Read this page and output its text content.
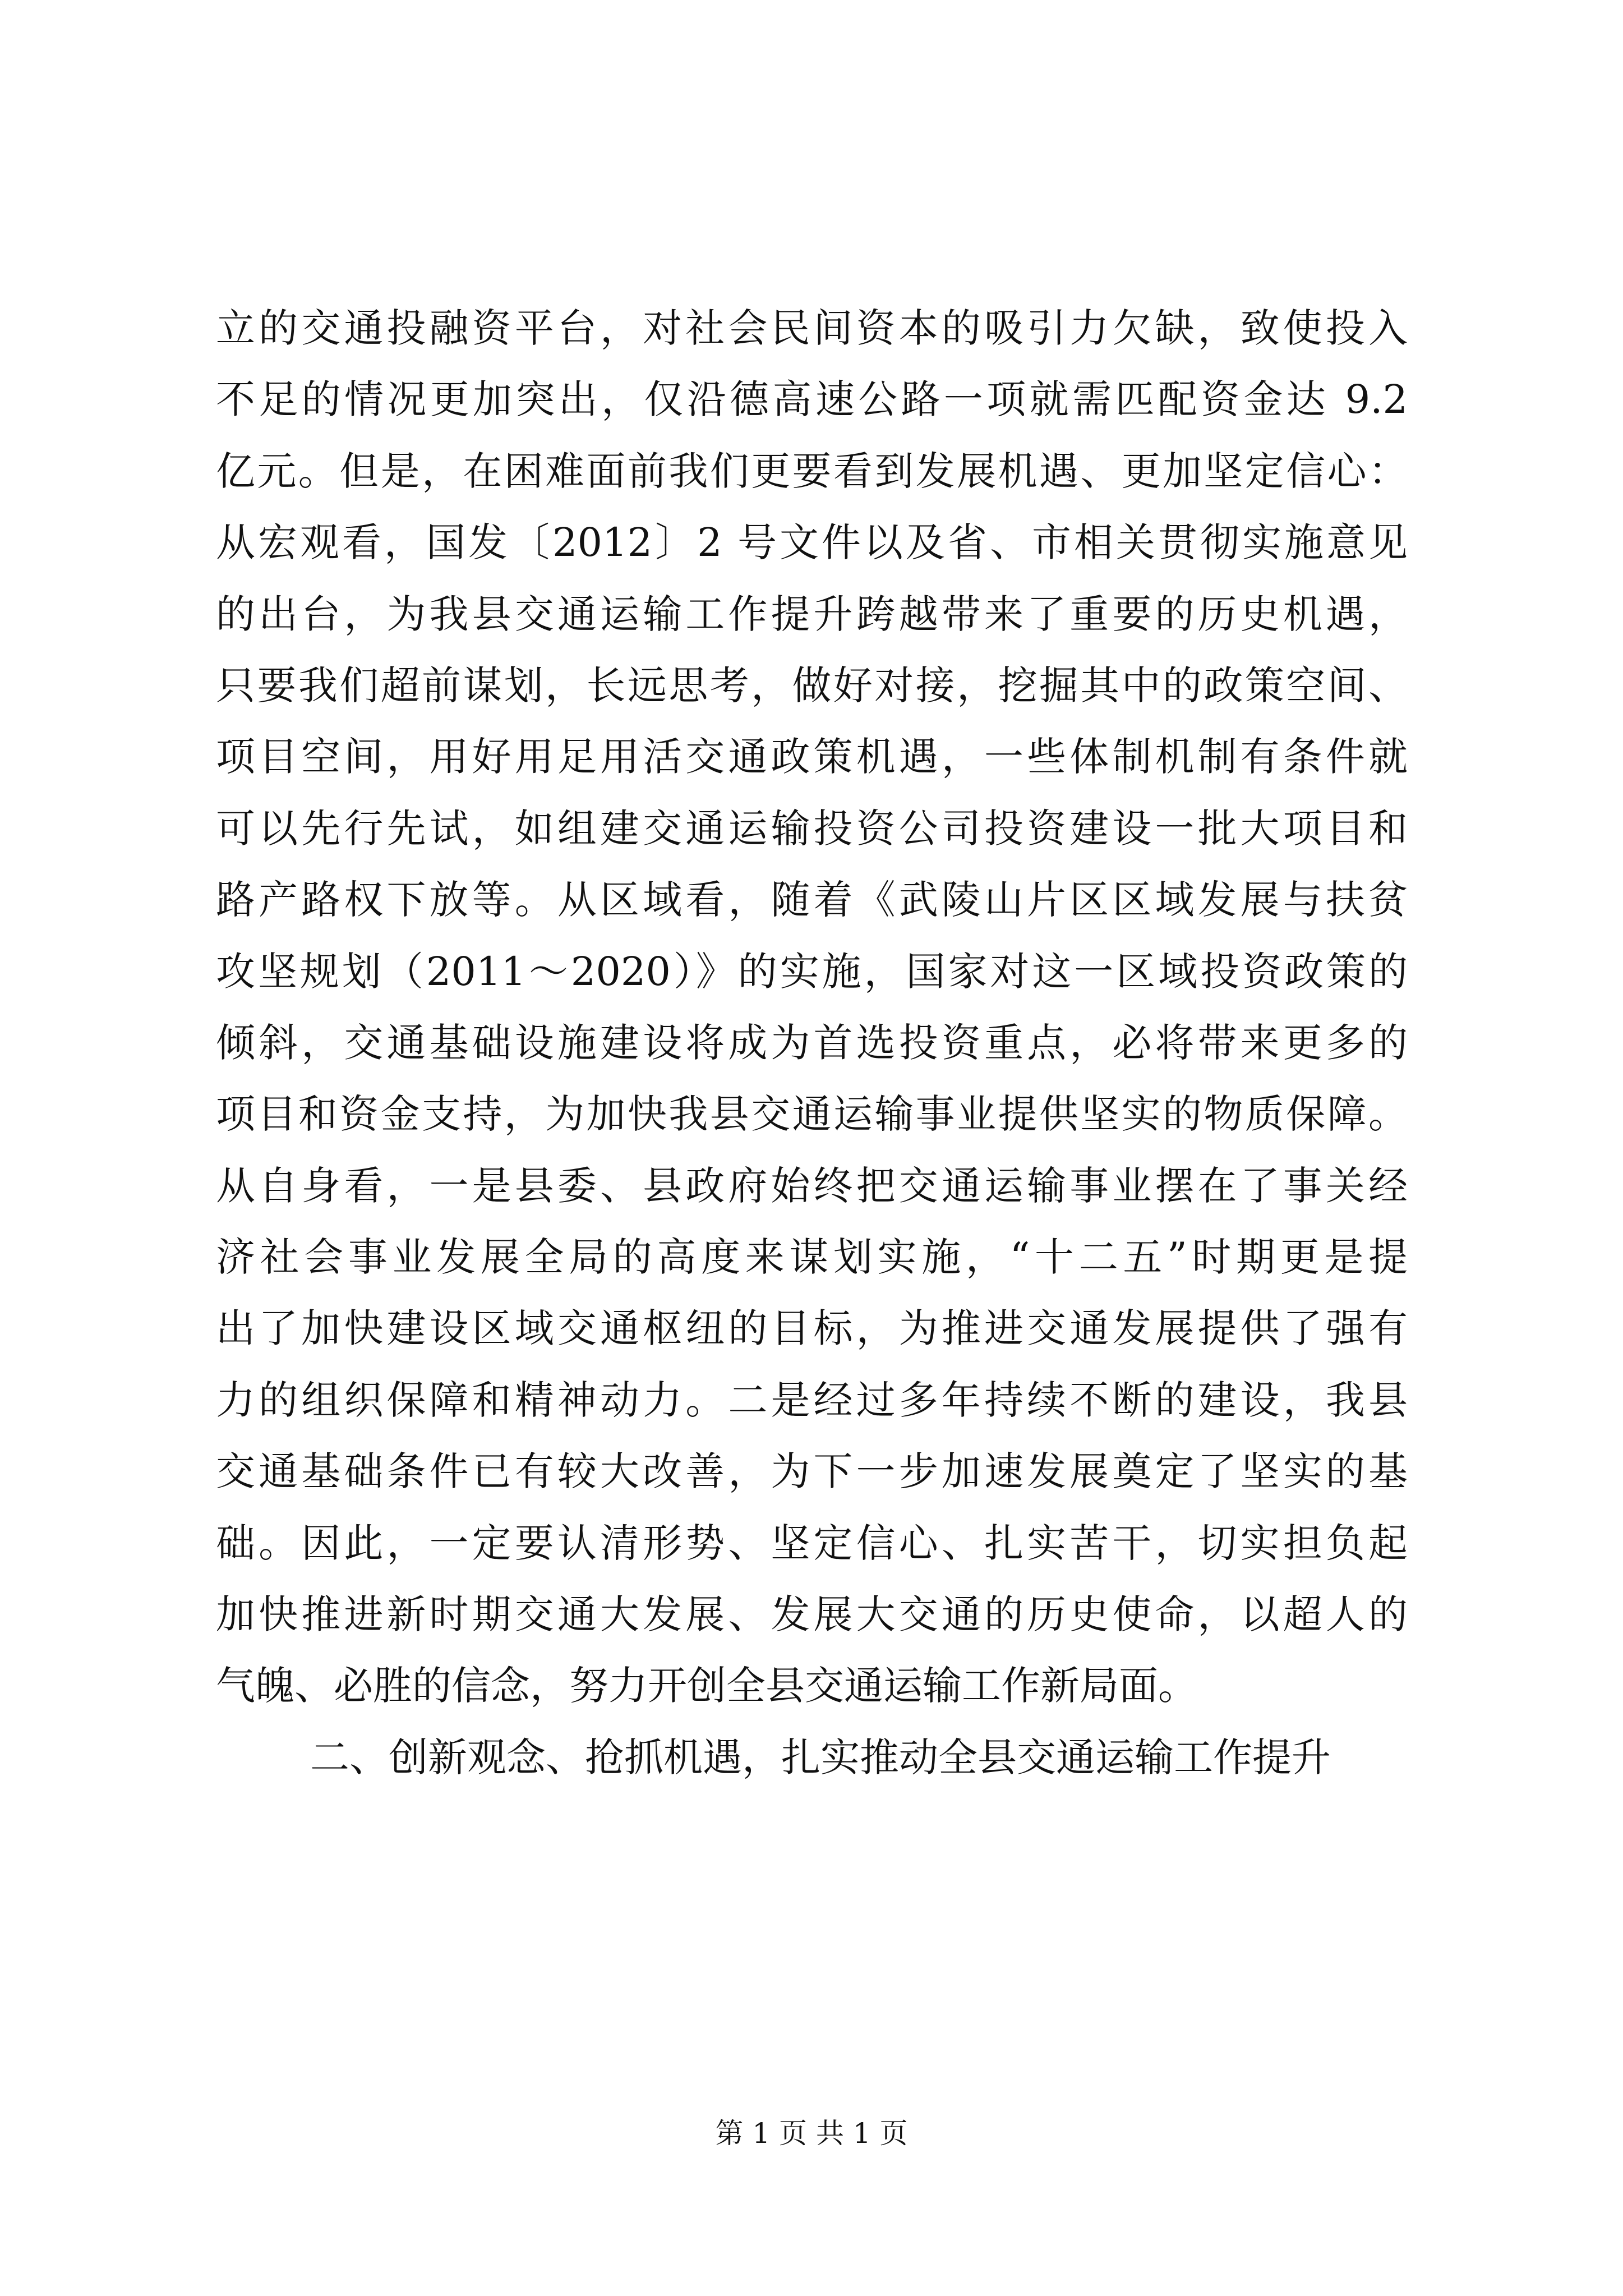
立的交通投融资平台，对社会民间资本的吸引力欠缺，致使投入
不足的情况更加突出，仅沿德高速公路一项就需匹配资金达 9.2
亿元。但是，在困难面前我们更要看到发展机遇、更加坚定信心：
从宏观看，国发〔2012〕2 号文件以及省、市相关贯彻实施意见
的出台，为我县交通运输工作提升跨越带来了重要的历史机遇，
只要我们超前谋划，长远思考，做好对接，挖掘其中的政策空间、
项目空间，用好用足用活交通政策机遇，一些体制机制有条件就
可以先行先试，如组建交通运输投资公司投资建设一批大项目和
路产路权下放等。从区域看，随着《武陵山片区区域发展与扶贫
攻坚规划（2011～2020）》的实施，国家对这一区域投资政策的
倾斜，交通基础设施建设将成为首选投资重点，必将带来更多的
项目和资金支持，为加快我县交通运输事业提供坚实的物质保障。
从自身看，一是县委、县政府始终把交通运输事业摆在了事关经
济社会事业发展全局的高度来谋划实施，“十二五”时期更是提
出了加快建设区域交通枢纽的目标，为推进交通发展提供了强有
力的组织保障和精神动力。二是经过多年持续不断的建设，我县
交通基础条件已有较大改善，为下一步加速发展奠定了坚实的基
础。因此，一定要认清形势、坚定信心、扎实苦干，切实担负起
加快推进新时期交通大发展、发展大交通的历史使命，以超人的
气魄、必胜的信念，努力开创全县交通运输工作新局面。
二、创新观念、抢抓机遇，扎实推动全县交通运输工作提升
第 1 页 共 1 页
